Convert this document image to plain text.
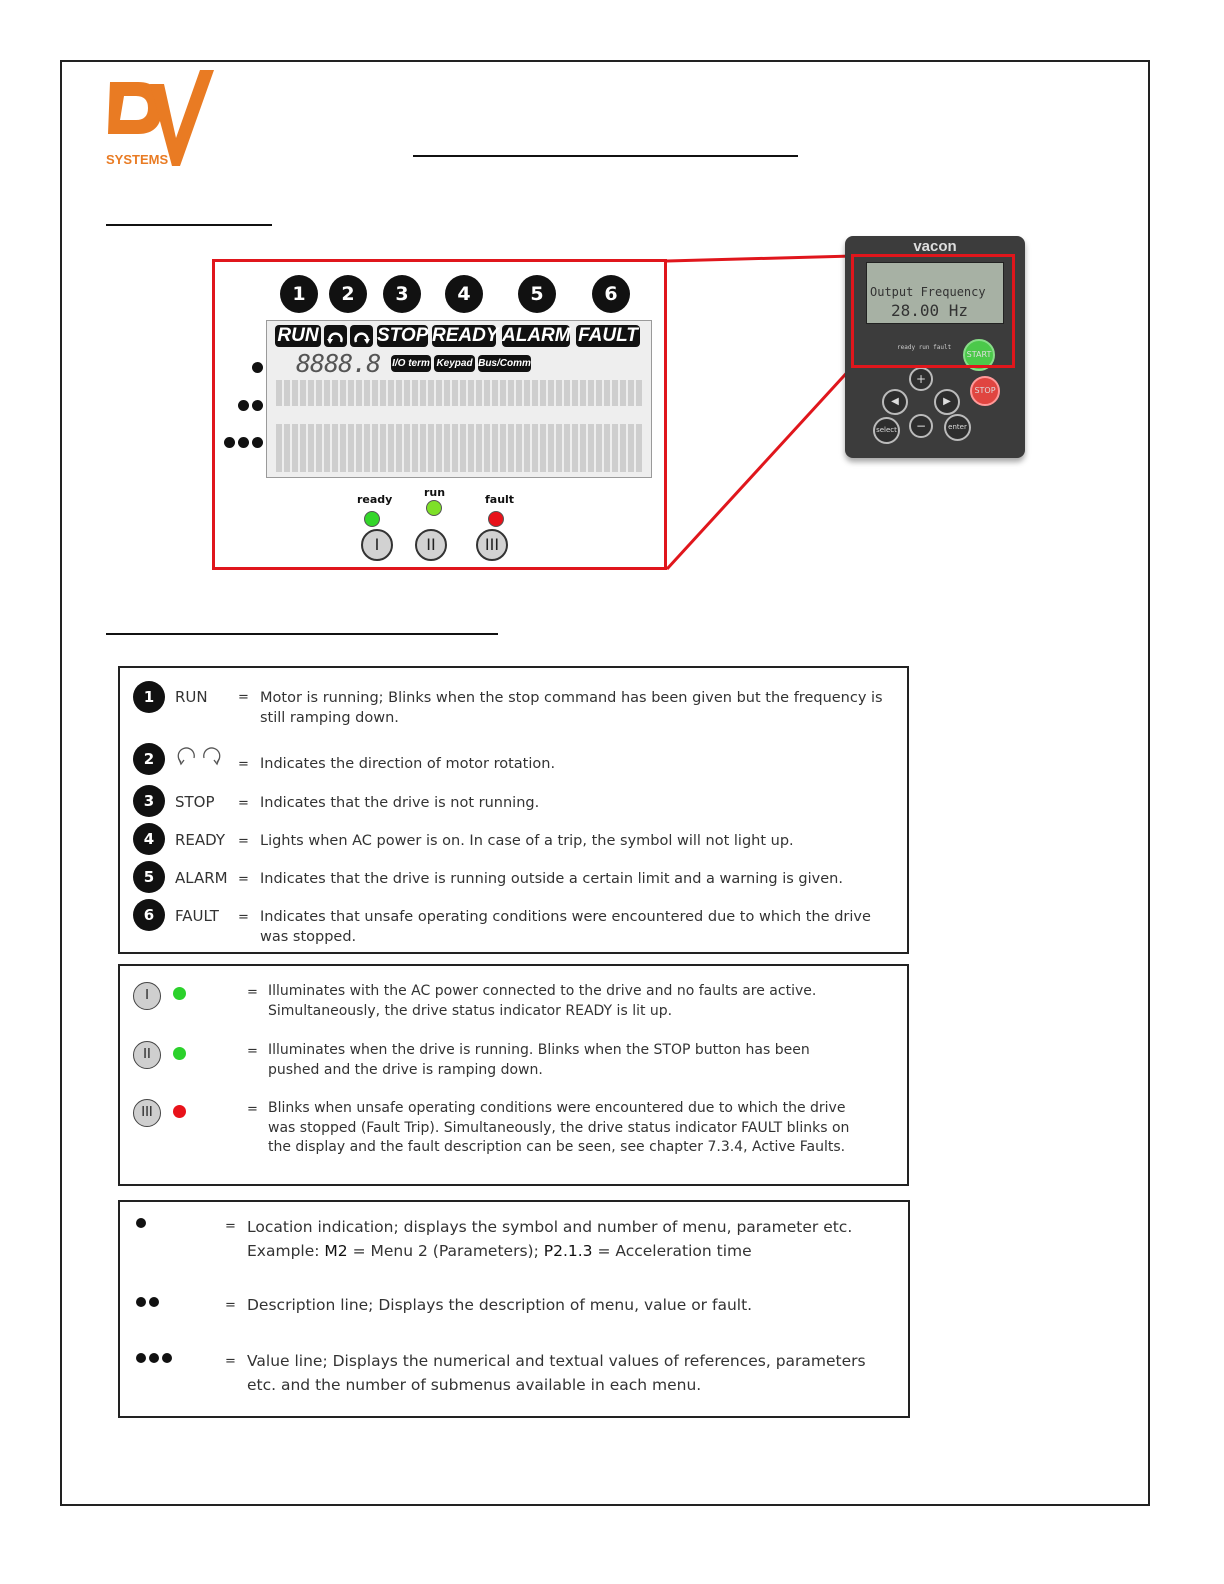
SYSTEMS
1	2	3	4	5	6
RUN	STOP READY ALARM FAULT
8888.8 I/O term Keypad Bus/Comm
ready
run
fault
I	II	III
vacon
Output Frequency
28.00 Hz
ready run fault
START
STOP
+
◀	▶
−
select	enter
1	RUN = Motor is running; Blinks when the stop command has been given but the frequency is still ramping down.
2	= Indicates the direction of motor rotation.
3	STOP = Indicates that the drive is not running.
4	READY = Lights when AC power is on. In case of a trip, the symbol will not light up.
5	ALARM = Indicates that the drive is running outside a certain limit and a warning is given.
6	FAULT = Indicates that unsafe operating conditions were encountered due to which the drive was stopped.
I	= Illuminates with the AC power connected to the drive and no faults are active. Simultaneously, the drive status indicator READY is lit up.
II	= Illuminates when the drive is running. Blinks when the STOP button has been pushed and the drive is ramping down.
III	= Blinks when unsafe operating conditions were encountered due to which the drive was stopped (Fault Trip). Simultaneously, the drive status indicator FAULT blinks on the display and the fault description can be seen, see chapter 7.3.4, Active Faults.
= Location indication; displays the symbol and number of menu, parameter etc.
Example: M2 = Menu 2 (Parameters); P2.1.3 = Acceleration time
= Description line; Displays the description of menu, value or fault.
= Value line; Displays the numerical and textual values of references, parameters etc. and the number of submenus available in each menu.
